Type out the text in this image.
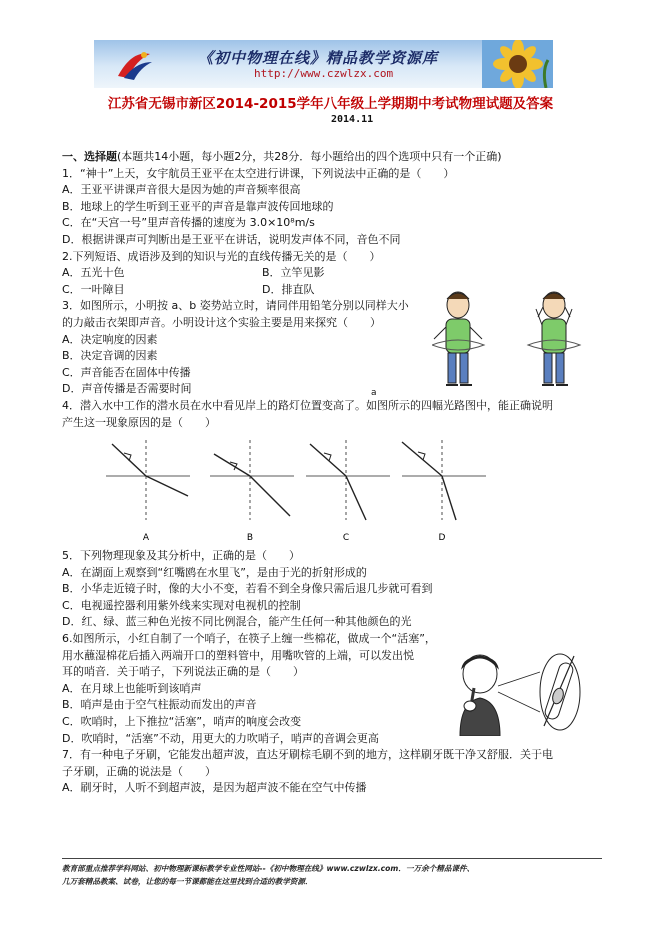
《初中物理在线》精品教学资源库
http://www.czwlzx.com
江苏省无锡市新区2014-2015学年八年级上学期期中考试物理试题及答案
2014.11
一、选择题(本题共14小题，每小题2分，共28分．每小题给出的四个选项中只有一个正确)
1．“神十”上天，女宇航员王亚平在太空进行讲课，下列说法中正确的是（　　）
A．王亚平讲课声音很大是因为她的声音频率很高
B．地球上的学生听到王亚平的声音是靠声波传回地球的
C．在“天宫一号”里声音传播的速度为 3.0×10⁸m/s
D．根据讲课声可判断出是王亚平在讲话，说明发声体不同，音色不同
2.下列短语、成语涉及到的知识与光的直线传播无关的是（　　）
A．五光十色	B．立竿见影
C．一叶障目	D．排直队
3．如图所示，小明按 a、b 姿势站立时，请同伴用铅笔分别以同样大小
的力敲击衣架即声音。小明设计这个实验主要是用来探究（　　）
A．决定响度的因素
B．决定音调的因素
C．声音能否在固体中传播
D．声音传播是否需要时间
4．潜入水中工作的潜水员在水中看见岸上的路灯位置变高了。如图所示的四幅光路图中，能正确说明
产生这一现象原因的是（　　）
5．下列物理现象及其分析中，正确的是（　　）
A．在湖面上观察到“红嘴鸥在水里飞”，是由于光的折射形成的
B．小华走近镜子时，像的大小不变，若看不到全身像只需后退几步就可看到
C．电视遥控器利用紫外线来实现对电视机的控制
D．红、绿、蓝三种色光按不同比例混合，能产生任何一种其他颜色的光
6.如图所示，小红自制了一个哨子，在筷子上缠一些棉花，做成一个“活塞”，
用水蘸湿棉花后插入两端开口的塑料管中，用嘴吹管的上端，可以发出悦
耳的哨音．关于哨子，下列说法正确的是（　　）
A．在月球上也能听到该哨声
B．哨声是由于空气柱振动而发出的声音
C．吹哨时，上下推拉“活塞”，哨声的响度会改变
D．吹哨时，“活塞”不动，用更大的力吹哨子，哨声的音调会更高
7．有一种电子牙刷，它能发出超声波，直达牙刷棕毛刷不到的地方，这样刷牙既干净又舒服．关于电
子牙刷，正确的说法是（　　）
A．刷牙时，人听不到超声波，是因为超声波不能在空气中传播
a
A	B	C	D
教育部重点推荐学科网站、初中物理新课标教学专业性网站--《初中物理在线》www.czwlzx.com．一万余个精品课件、
几万套精品教案、试卷，让您的每一节课都能在这里找到合适的教学资源．
